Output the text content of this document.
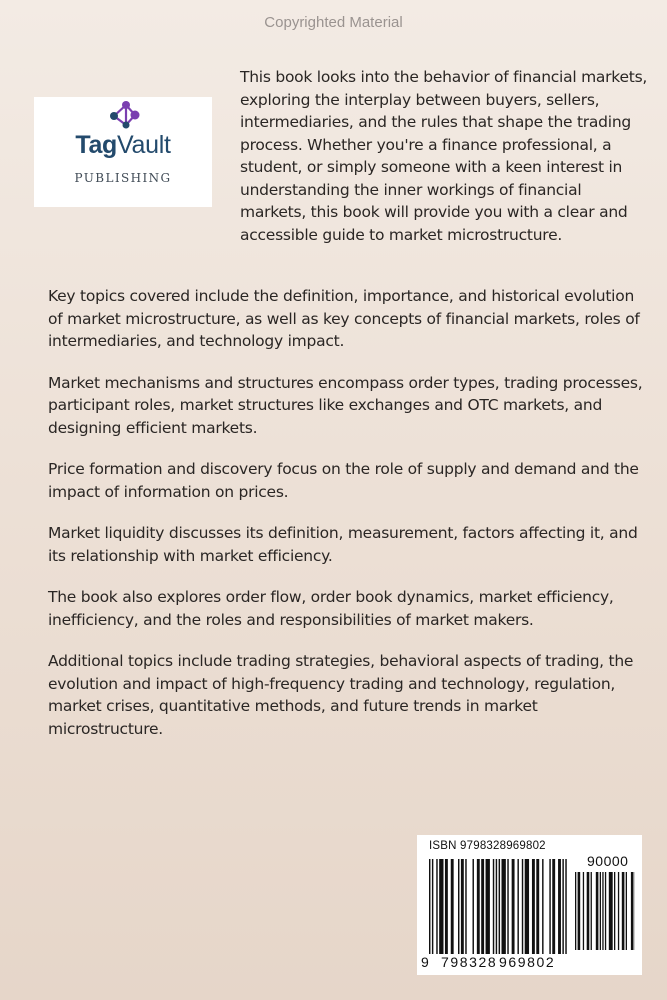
Copyrighted Material
TagVault
PUBLISHING

This book looks into the behavior of financial markets, exploring the interplay between buyers, sellers, intermediaries, and the rules that shape the trading process. Whether you're a finance professional, a student, or simply someone with a keen interest in understanding the inner workings of financial markets, this book will provide you with a clear and accessible guide to market microstructure.

Key topics covered include the definition, importance, and historical evolution of market microstructure, as well as key concepts of financial markets, roles of intermediaries, and technology impact.

Market mechanisms and structures encompass order types, trading processes, participant roles, market structures like exchanges and OTC markets, and designing efficient markets.

Price formation and discovery focus on the role of supply and demand and the impact of information on prices.

Market liquidity discusses its definition, measurement, factors affecting it, and its relationship with market efficiency.

The book also explores order flow, order book dynamics, market efficiency, inefficiency, and the roles and responsibilities of market makers.

Additional topics include trading strategies, behavioral aspects of trading, the evolution and impact of high-frequency trading and technology, regulation, market crises, quantitative methods, and future trends in market microstructure.

ISBN 9798328969802
9 798328 969802
90000
